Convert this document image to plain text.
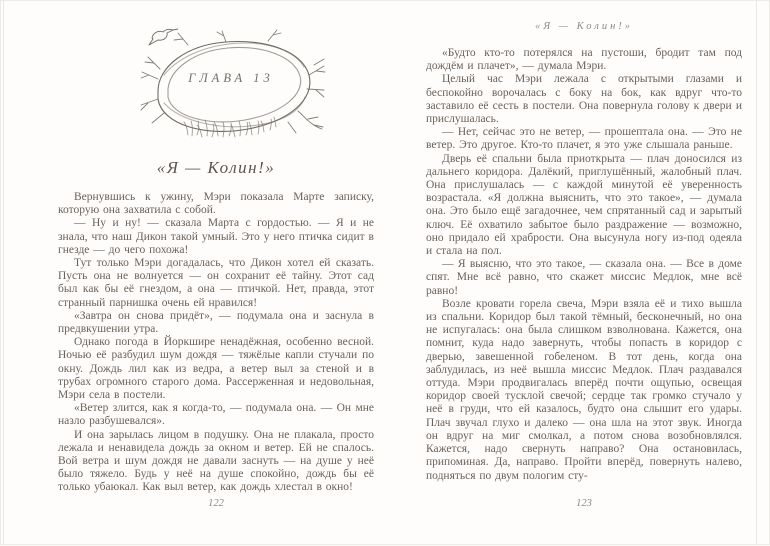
ГЛАВА 13
«Я — Колин!»

Вернувшись к ужину, Мэри показала Марте записку, которую она захватила с собой.

— Ну и ну! — сказала Марта с гордостью. — Я и не знала, что наш Дикон такой умный. Это у него птичка сидит в гнезде — до чего похожа!

Тут только Мэри догадалась, что Дикон хотел ей сказать. Пусть она не волнуется — он сохранит её тайну. Этот сад был как бы её гнездом, а она — птичкой. Нет, правда, этот странный парнишка очень ей нравился!

«Завтра он снова придёт», — подумала она и заснула в предвкушении утра.

Однако погода в Йоркшире ненадёжная, особенно весной. Ночью её разбудил шум дождя — тяжёлые капли стучали по окну. Дождь лил как из ведра, а ветер выл за стеной и в трубах огромного старого дома. Рассерженная и недовольная, Мэри села в постели.

«Ветер злится, как я когда-то, — подумала она. — Он мне назло разбушевался».

И она зарылась лицом в подушку. Она не плакала, просто лежала и ненавидела дождь за окном и ветер. Ей не спалось. Вой ветра и шум дождя не давали заснуть — на душе у неё было тяжело. Будь у неё на душе спокойно, дождь бы её только убаюкал. Как выл ветер, как дождь хлестал в окно!

122
«Я — Колин!»

«Будто кто-то потерялся на пустоши, бродит там под дождём и плачет», — думала Мэри.

Целый час Мэри лежала с открытыми глазами и беспокойно ворочалась с боку на бок, как вдруг что-то заставило её сесть в постели. Она повернула голову к двери и прислушалась.

— Нет, сейчас это не ветер, — прошептала она. — Это не ветер. Это другое. Кто-то плачет, я это уже слышала раньше.

Дверь её спальни была приоткрыта — плач доносился из дальнего коридора. Далёкий, приглушённый, жалобный плач. Она прислушалась — с каждой минутой её уверенность возрастала. «Я должна выяснить, что это такое», — думала она. Это было ещё загадочнее, чем спрятанный сад и зарытый ключ. Её охватило забытое было раздражение — возможно, оно придало ей храбрости. Она высунула ногу из-под одеяла и стала на пол.

— Я выясню, что это такое, — сказала она. — Все в доме спят. Мне всё равно, что скажет миссис Медлок, мне всё равно!

Возле кровати горела свеча, Мэри взяла её и тихо вышла из спальни. Коридор был такой тёмный, бесконечный, но она не испугалась: она была слишком взволнована. Кажется, она помнит, куда надо завернуть, чтобы попасть в коридор с дверью, завешенной гобеленом. В тот день, когда она заблудилась, из неё вышла миссис Медлок. Плач раздавался оттуда. Мэри продвигалась вперёд почти ощупью, освещая коридор своей тусклой свечой; сердце так громко стучало у неё в груди, что ей казалось, будто она слышит его удары. Плач звучал глухо и далеко — она шла на этот звук. Иногда он вдруг на миг смолкал, а потом снова возобновлялся. Кажется, надо свернуть направо? Она остановилась, припоминая. Да, направо. Пройти вперёд, повернуть налево, подняться по двум пологим сту-

123
